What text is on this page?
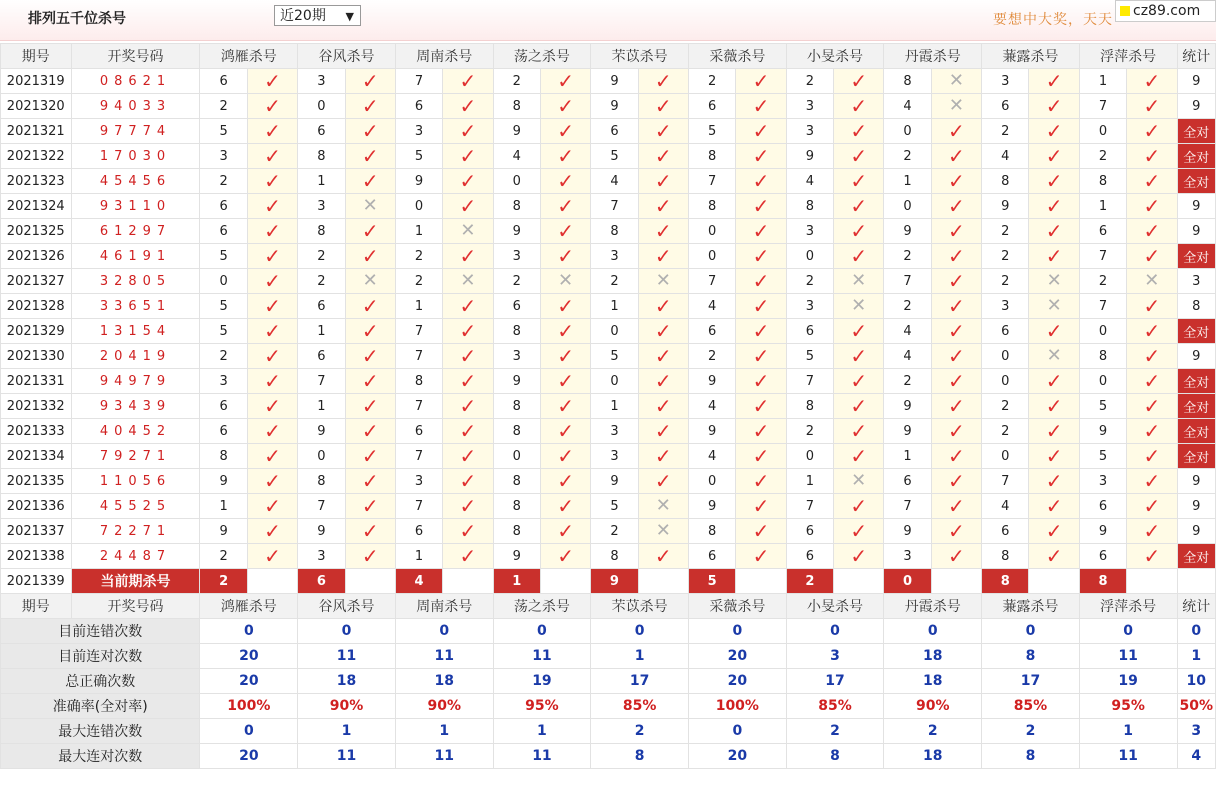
排列五千位杀号	近20期 ▼	要想中大奖，天天
cz89.com
期号	开奖号码	鸿雁杀号		谷风杀号		周南杀号		荡之杀号		芣苡杀号		采薇杀号		小旻杀号		丹霞杀号		蒹露杀号		浮萍杀号		统计
2021319	08621	6	✓	3	✓	7	✓	2	✓	9	✓	2	✓	2	✓	8	✕	3	✓	1	✓	9
2021320	94033	2	✓	0	✓	6	✓	8	✓	9	✓	6	✓	3	✓	4	✕	6	✓	7	✓	9
2021321	97774	5	✓	6	✓	3	✓	9	✓	6	✓	5	✓	3	✓	0	✓	2	✓	0	✓	全对
2021322	17030	3	✓	8	✓	5	✓	4	✓	5	✓	8	✓	9	✓	2	✓	4	✓	2	✓	全对
2021323	45456	2	✓	1	✓	9	✓	0	✓	4	✓	7	✓	4	✓	1	✓	8	✓	8	✓	全对
2021324	93110	6	✓	3	✕	0	✓	8	✓	7	✓	8	✓	8	✓	0	✓	9	✓	1	✓	9
2021325	61297	6	✓	8	✓	1	✕	9	✓	8	✓	0	✓	3	✓	9	✓	2	✓	6	✓	9
2021326	46191	5	✓	2	✓	2	✓	3	✓	3	✓	0	✓	0	✓	2	✓	2	✓	7	✓	全对
2021327	32805	0	✓	2	✕	2	✕	2	✕	2	✕	7	✓	2	✕	7	✓	2	✕	2	✕	3
2021328	33651	5	✓	6	✓	1	✓	6	✓	1	✓	4	✓	3	✕	2	✓	3	✕	7	✓	8
2021329	13154	5	✓	1	✓	7	✓	8	✓	0	✓	6	✓	6	✓	4	✓	6	✓	0	✓	全对
2021330	20419	2	✓	6	✓	7	✓	3	✓	5	✓	2	✓	5	✓	4	✓	0	✕	8	✓	9
2021331	94979	3	✓	7	✓	8	✓	9	✓	0	✓	9	✓	7	✓	2	✓	0	✓	0	✓	全对
2021332	93439	6	✓	1	✓	7	✓	8	✓	1	✓	4	✓	8	✓	9	✓	2	✓	5	✓	全对
2021333	40452	6	✓	9	✓	6	✓	8	✓	3	✓	9	✓	2	✓	9	✓	2	✓	9	✓	全对
2021334	79271	8	✓	0	✓	7	✓	0	✓	3	✓	4	✓	0	✓	1	✓	0	✓	5	✓	全对
2021335	11056	9	✓	8	✓	3	✓	8	✓	9	✓	0	✓	1	✕	6	✓	7	✓	3	✓	9
2021336	45525	1	✓	7	✓	7	✓	8	✓	5	✕	9	✓	7	✓	7	✓	4	✓	6	✓	9
2021337	72271	9	✓	9	✓	6	✓	8	✓	2	✕	8	✓	6	✓	9	✓	6	✓	9	✓	9
2021338	24487	2	✓	3	✓	1	✓	9	✓	8	✓	6	✓	6	✓	3	✓	8	✓	6	✓	全对
2021339	当前期杀号	2		6		4		1		9		5		2		0		8		8		
期号	开奖号码	鸿雁杀号		谷风杀号		周南杀号		荡之杀号		芣苡杀号		采薇杀号		小旻杀号		丹霞杀号		蒹露杀号		浮萍杀号		统计
目前连错次数		0		0		0		0		0		0		0		0		0		0		0
目前连对次数		20		11		11		11		1		20		3		18		8		11		1
总正确次数		20		18		18		19		17		20		17		18		17		19		10
准确率(全对率)		100%		90%		90%		95%		85%		100%		85%		90%		85%		95%		50%
最大连错次数		0		1		1		1		2		0		2		2		2		1		3
最大连对次数		20		11		11		11		8		20		8		18		8		11		4
